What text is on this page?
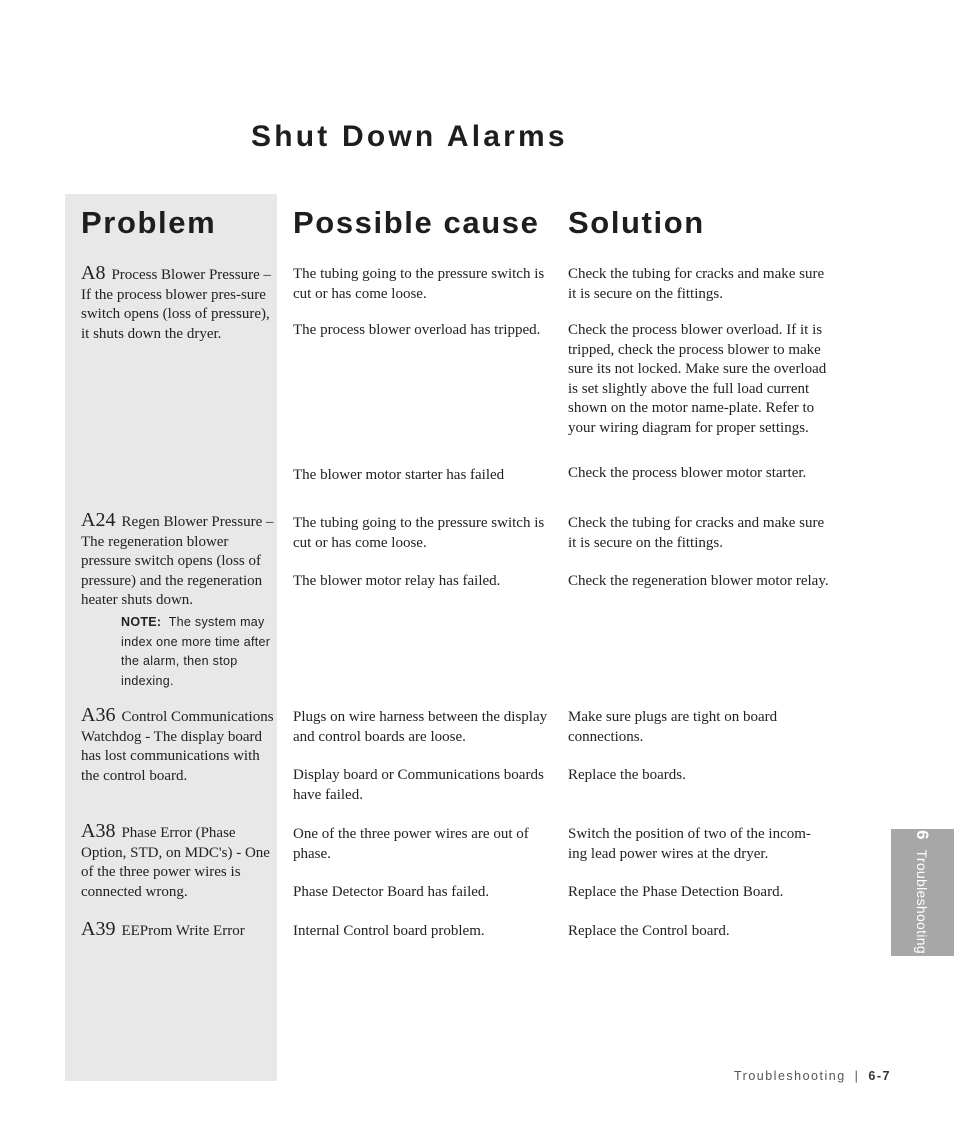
Shut Down Alarms
Problem Possible cause Solution
A8 Process Blower Pressure – If the process blower pres-sure switch opens (loss of pressure), it shuts down the dryer.
The tubing going to the pressure switch is cut or has come loose.
The process blower overload has tripped.
The blower motor starter has failed
Check the tubing for cracks and make sure it is secure on the fittings.
Check the process blower overload. If it is tripped, check the process blower to make sure its not locked. Make sure the overload is set slightly above the full load current shown on the motor name-plate. Refer to your wiring diagram for proper settings.
Check the process blower motor starter.
A24 Regen Blower Pressure – The regeneration blower pressure switch opens (loss of pressure) and the regeneration heater shuts down.
NOTE: The system may index one more time after the alarm, then stop indexing.
The tubing going to the pressure switch is cut or has come loose.
The blower motor relay has failed.
Check the tubing for cracks and make sure it is secure on the fittings.
Check the regeneration blower motor relay.
A36 Control Communications Watchdog - The display board has lost communications with the control board.
Plugs on wire harness between the display and control boards are loose.
Display board or Communications boards have failed.
Make sure plugs are tight on board connections.
Replace the boards.
A38 Phase Error (Phase Option, STD, on MDC's) - One of the three power wires is connected wrong.
One of the three power wires are out of phase.
Phase Detector Board has failed.
Switch the position of two of the incom-ing lead power wires at the dryer.
Replace the Phase Detection Board.
A39 EEProm Write Error	Internal Control board problem.	Replace the Control board.
6Troubleshooting
Troubleshooting | 6-7
